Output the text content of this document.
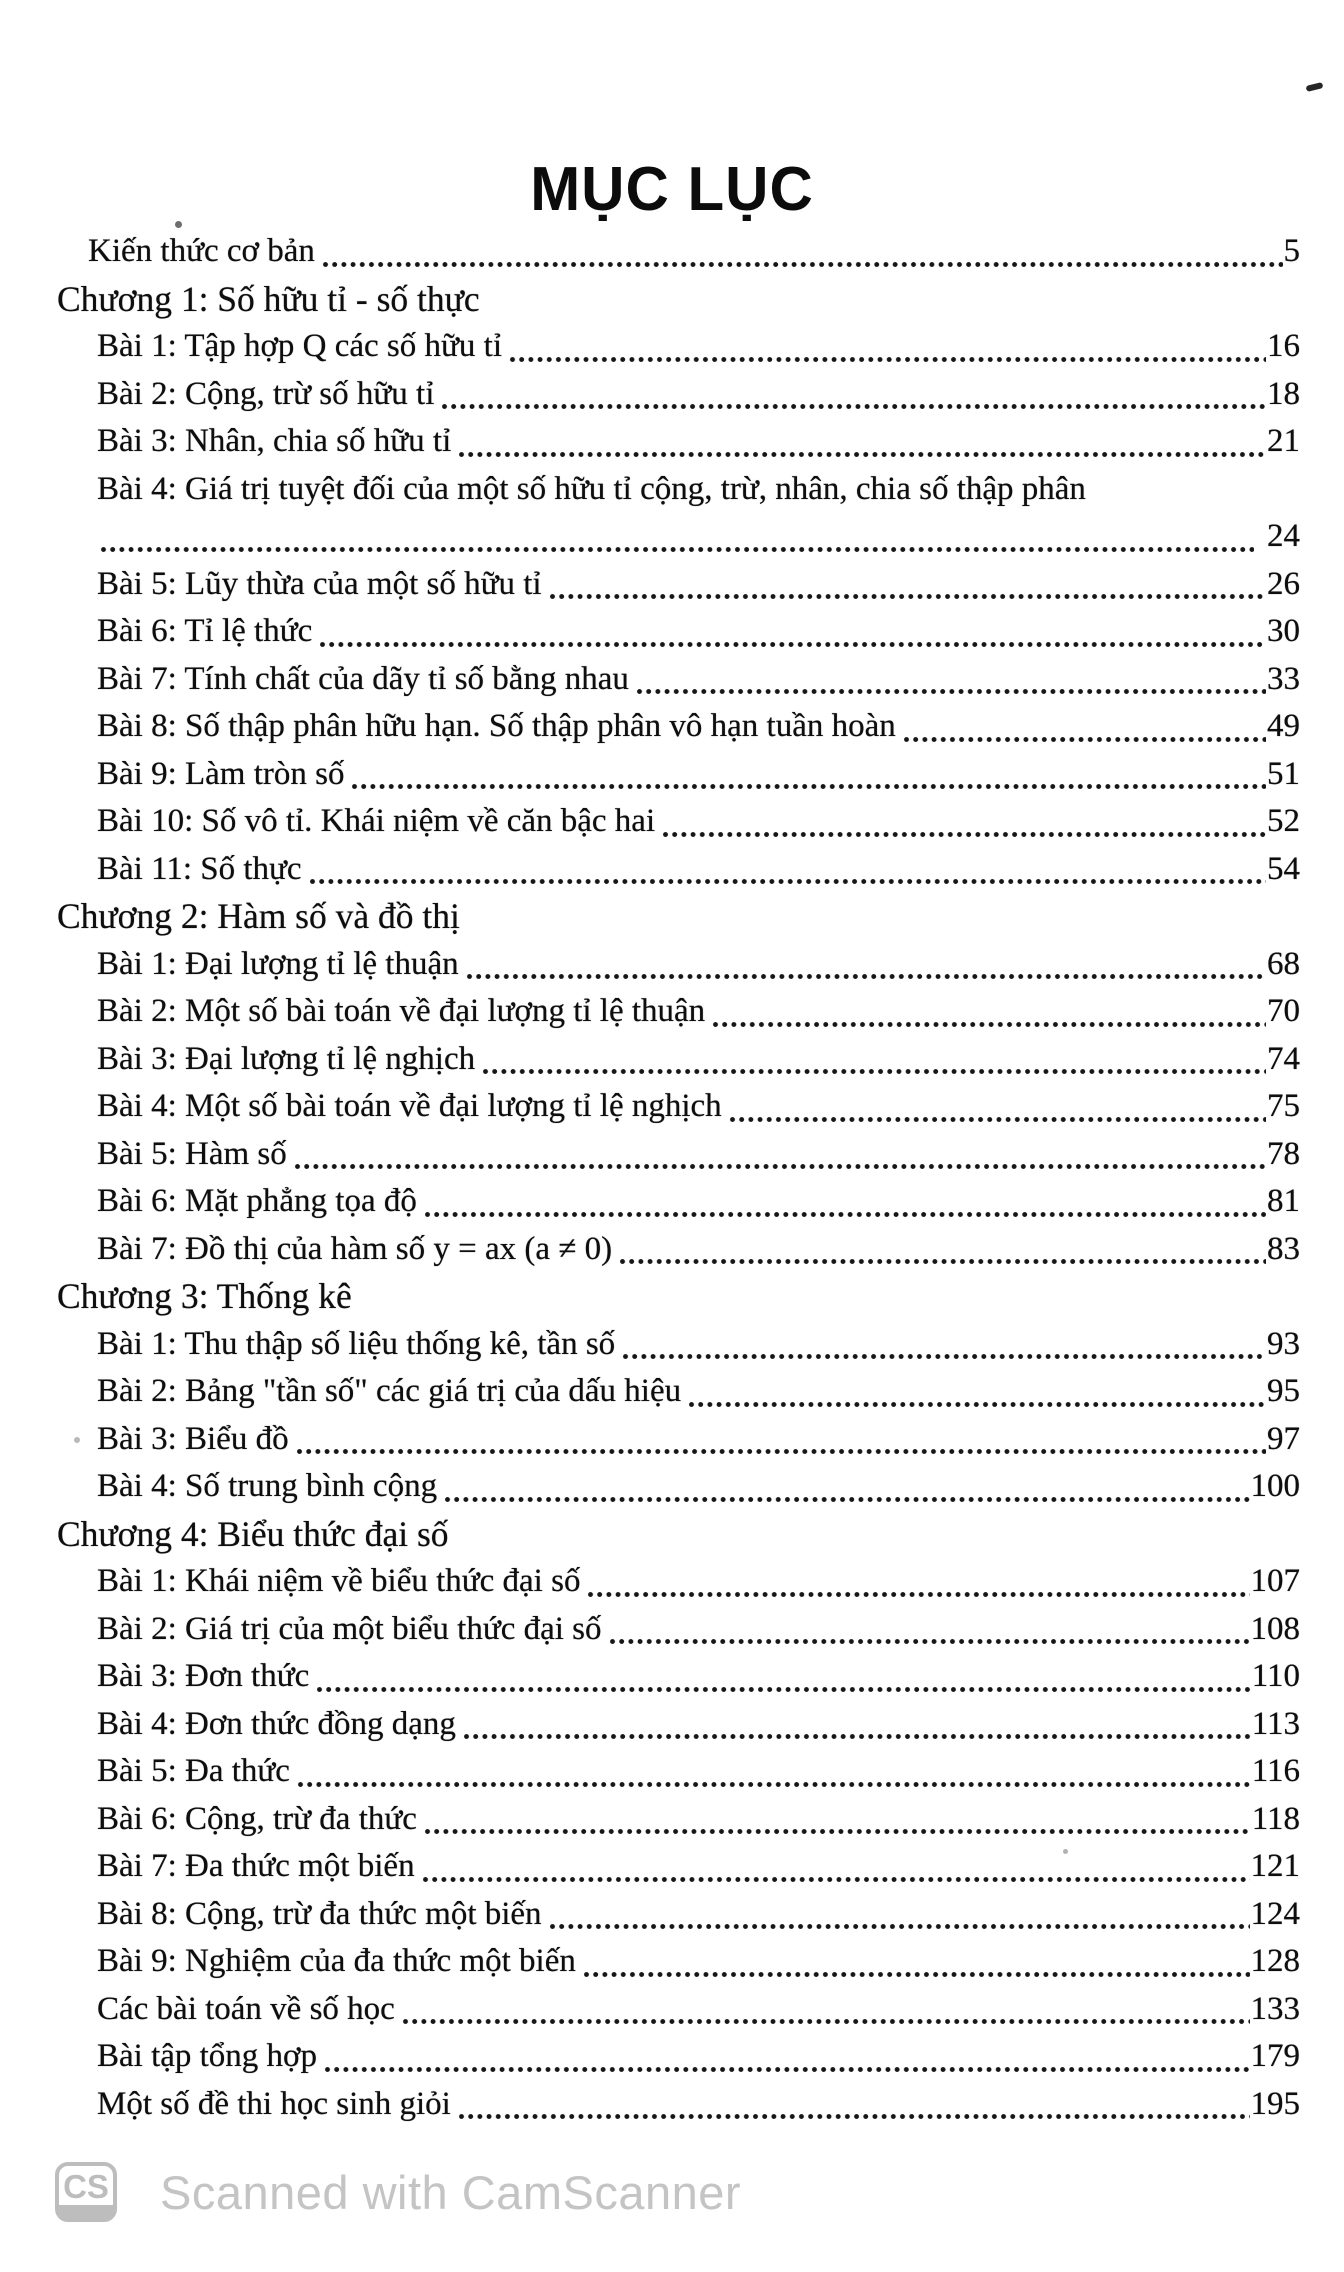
MỤC LỤC
Kiến thức cơ bản	5
Chương 1: Số hữu tỉ - số thực
Bài 1: Tập hợp Q các số hữu tỉ	16
Bài 2: Cộng, trừ số hữu tỉ	18
Bài 3: Nhân, chia số hữu tỉ	21
Bài 4: Giá trị tuyệt đối của một số hữu tỉ cộng, trừ, nhân, chia số thập phân
24
Bài 5: Lũy thừa của một số hữu tỉ	26
Bài 6: Tỉ lệ thức	30
Bài 7: Tính chất của dãy tỉ số bằng nhau	33
Bài 8: Số thập phân hữu hạn. Số thập phân vô hạn tuần hoàn	49
Bài 9: Làm tròn số	51
Bài 10: Số vô tỉ. Khái niệm về căn bậc hai	52
Bài 11: Số thực	54
Chương 2: Hàm số và đồ thị
Bài 1: Đại lượng tỉ lệ thuận	68
Bài 2: Một số bài toán về đại lượng tỉ lệ thuận	70
Bài 3: Đại lượng tỉ lệ nghịch	74
Bài 4: Một số bài toán về đại lượng tỉ lệ nghịch	75
Bài 5: Hàm số	78
Bài 6: Mặt phẳng tọa độ	81
Bài 7: Đồ thị của hàm số y = ax (a ≠ 0)	83
Chương 3: Thống kê
Bài 1: Thu thập số liệu thống kê, tần số	93
Bài 2: Bảng "tần số" các giá trị của dấu hiệu	95
Bài 3: Biểu đồ	97
Bài 4: Số trung bình cộng	100
Chương 4: Biểu thức đại số
Bài 1: Khái niệm về biểu thức đại số	107
Bài 2: Giá trị của một biểu thức đại số	108
Bài 3: Đơn thức	110
Bài 4: Đơn thức đồng dạng	113
Bài 5: Đa thức	116
Bài 6: Cộng, trừ đa thức	118
Bài 7: Đa thức một biến	121
Bài 8: Cộng, trừ đa thức một biến	124
Bài 9: Nghiệm của đa thức một biến	128
Các bài toán về số học	133
Bài tập tổng hợp	179
Một số đề thi học sinh giỏi	195
CS Scanned with CamScanner
